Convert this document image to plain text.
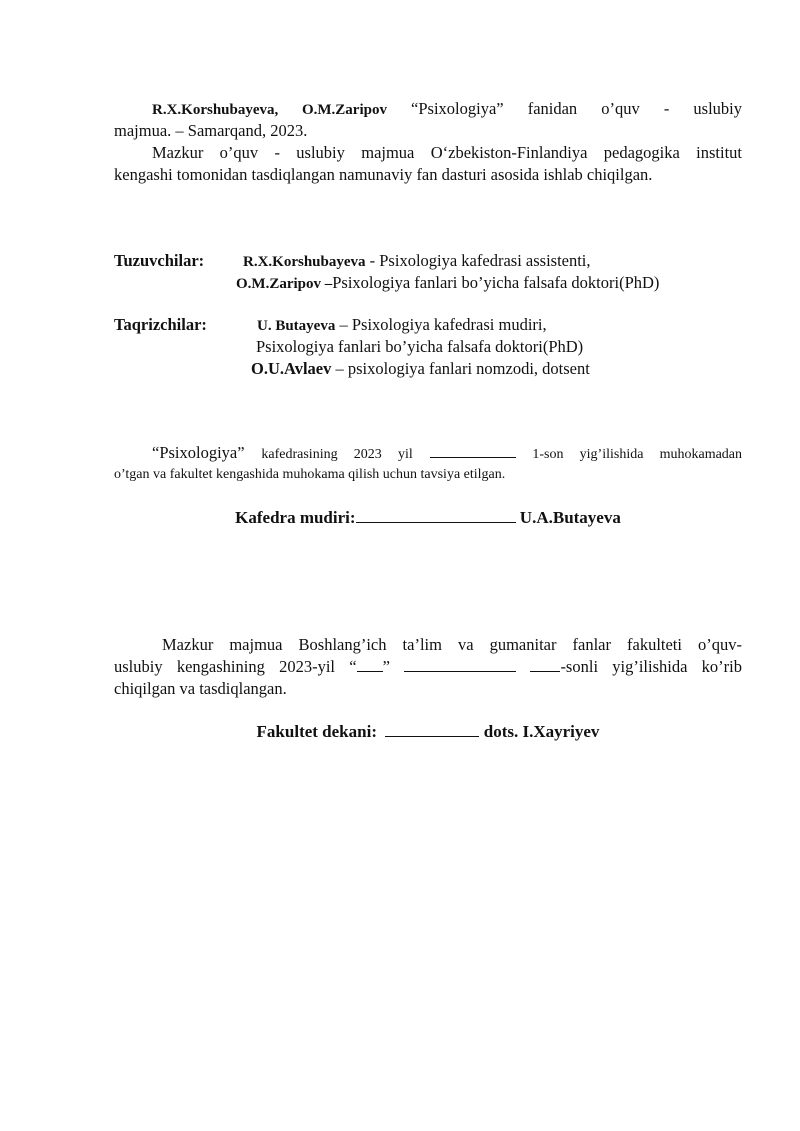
R.X.Korshubayeva, O.M.Zaripov “Psixologiya” fanidan o’quv - uslubiy
majmua. – Samarqand, 2023.
Mazkur o’quv - uslubiy majmua O‘zbekiston-Finlandiya pedagogika institut
kengashi tomonidan tasdiqlangan namunaviy fan dasturi asosida ishlab chiqilgan.
Tuzuvchilar:	R.X.Korshubayeva - Psixologiya kafedrasi assistenti,
O.M.Zaripov –Psixologiya fanlari bo’yicha falsafa doktori(PhD)
Taqrizchilar:	U. Butayeva – Psixologiya kafedrasi mudiri,
Psixologiya fanlari bo’yicha falsafa doktori(PhD)
O.U.Avlaev – psixologiya fanlari nomzodi, dotsent
“Psixologiya” kafedrasining 2023 yil	1-son yig’ilishida muhokamadan
o’tgan va fakultet kengashida muhokama qilish uchun tavsiya etilgan.
Kafedra mudiri:	U.A.Butayeva
Mazkur majmua Boshlang’ich ta’lim va gumanitar fanlar fakulteti o’quv-
uslubiy kengashining 2023-yil “ ”	-sonli yig’ilishida ko’rib
chiqilgan va tasdiqlangan.
Fakultet dekani:	dots. I.Xayriyev
